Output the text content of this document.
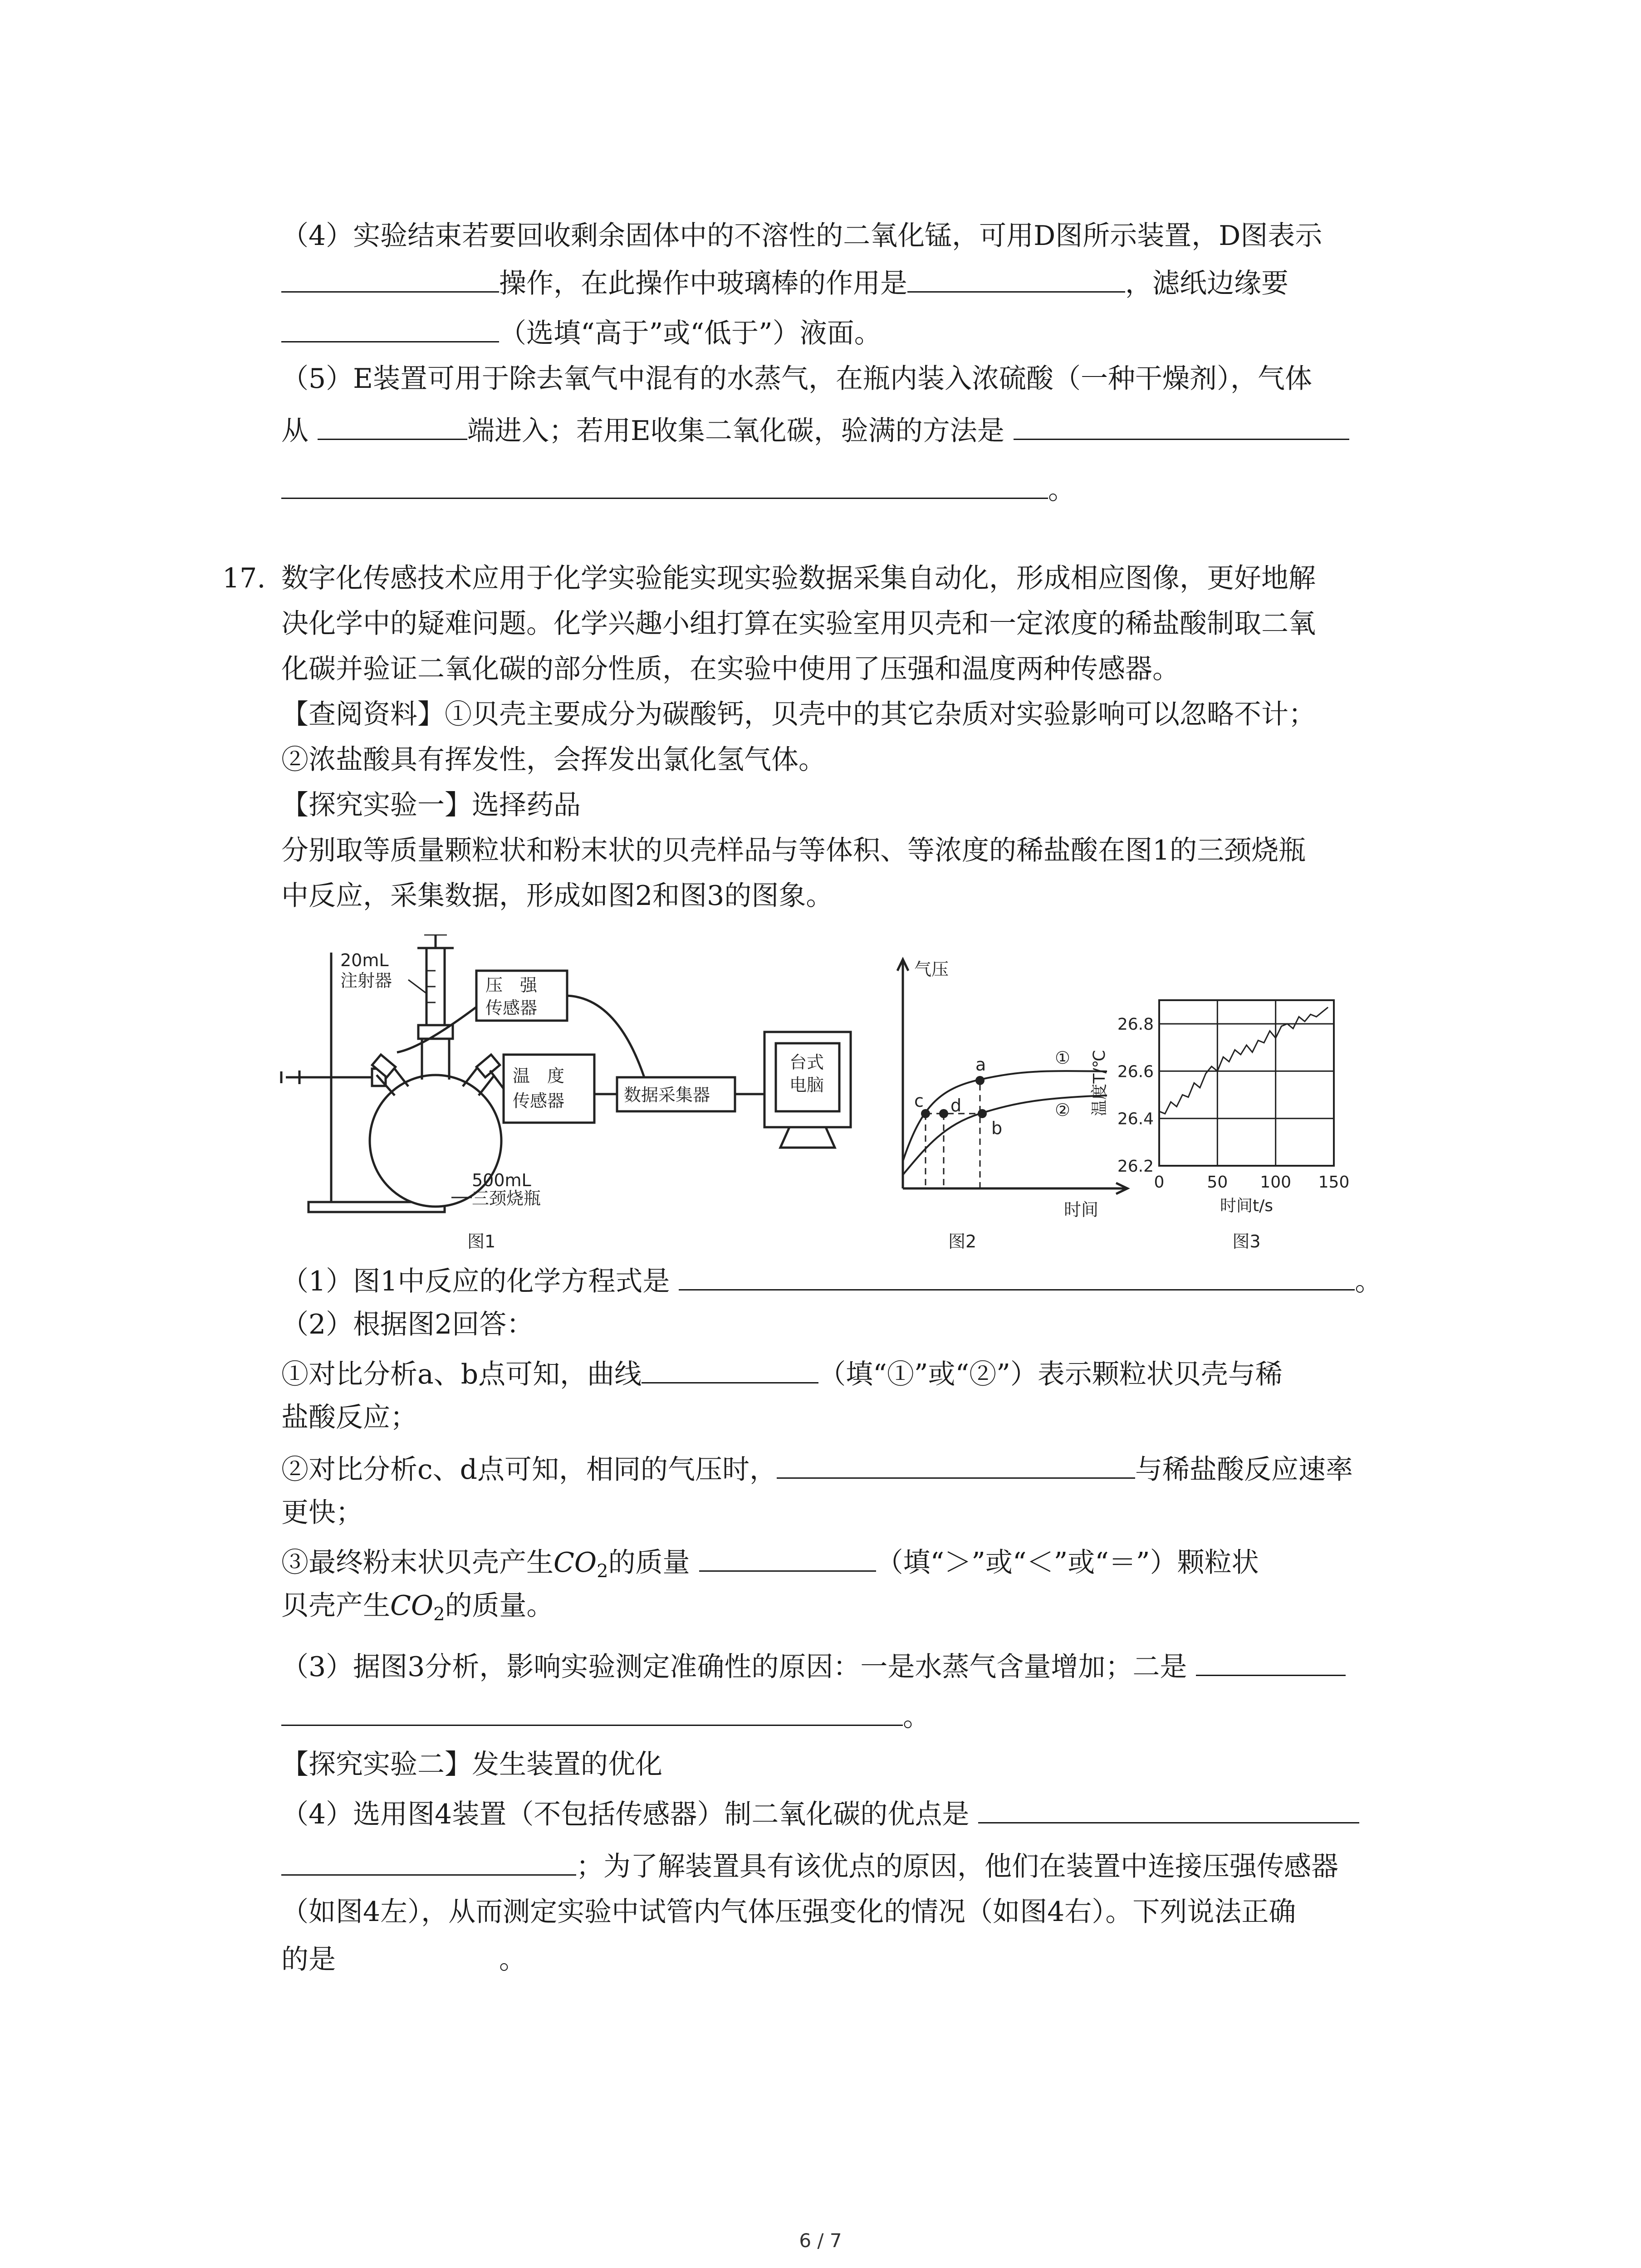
（4）实验结束若要回收剩余固体中的不溶性的二氧化锰，可用D图所示装置，D图表示
操作，在此操作中玻璃棒的作用是	，滤纸边缘要
（选填“高于”或“低于”）液面。
（5）E装置可用于除去氧气中混有的水蒸气，在瓶内装入浓硫酸（一种干燥剂），气体
从	端进入；若用E收集二氧化碳，验满的方法是
。
17. 数字化传感技术应用于化学实验能实现实验数据采集自动化，形成相应图像，更好地解
决化学中的疑难问题。化学兴趣小组打算在实验室用贝壳和一定浓度的稀盐酸制取二氧
化碳并验证二氧化碳的部分性质，在实验中使用了压强和温度两种传感器。
【查阅资料】①贝壳主要成分为碳酸钙，贝壳中的其它杂质对实验影响可以忽略不计；
②浓盐酸具有挥发性，会挥发出氯化氢气体。
【探究实验一】选择药品
分别取等质量颗粒状和粉末状的贝壳样品与等体积、等浓度的稀盐酸在图1的三颈烧瓶
中反应，采集数据，形成如图2和图3的图象。
20mL
注射器	压　强
传感器
温　度
传感器	数据采集器
台式
电脑
500mL
三颈烧瓶
图1
气压
时间
a
b
c d
①
②
图2
0	50 100 150
26.2
26.4
26.6
26.8
时间t/s
温度T/℃
图3
（1）图1中反应的化学方程式是	。
（2）根据图2回答：
①对比分析a、b点可知，曲线	（填“①”或“②”）表示颗粒状贝壳与稀
盐酸反应；
②对比分析c、d点可知，相同的气压时，	与稀盐酸反应速率
更快；
③最终粉末状贝壳产生$CO_2$的质量	（填“＞”或“＜”或“＝”）颗粒状
贝壳产生$CO_2$的质量。
（3）据图3分析，影响实验测定准确性的原因：一是水蒸气含量增加；二是
。
【探究实验二】发生装置的优化
（4）选用图4装置（不包括传感器）制二氧化碳的优点是
；为了解装置具有该优点的原因，他们在装置中连接压强传感器
（如图4左），从而测定实验中试管内气体压强变化的情况（如图4右）。下列说法正确
的是	。
6 / 7
